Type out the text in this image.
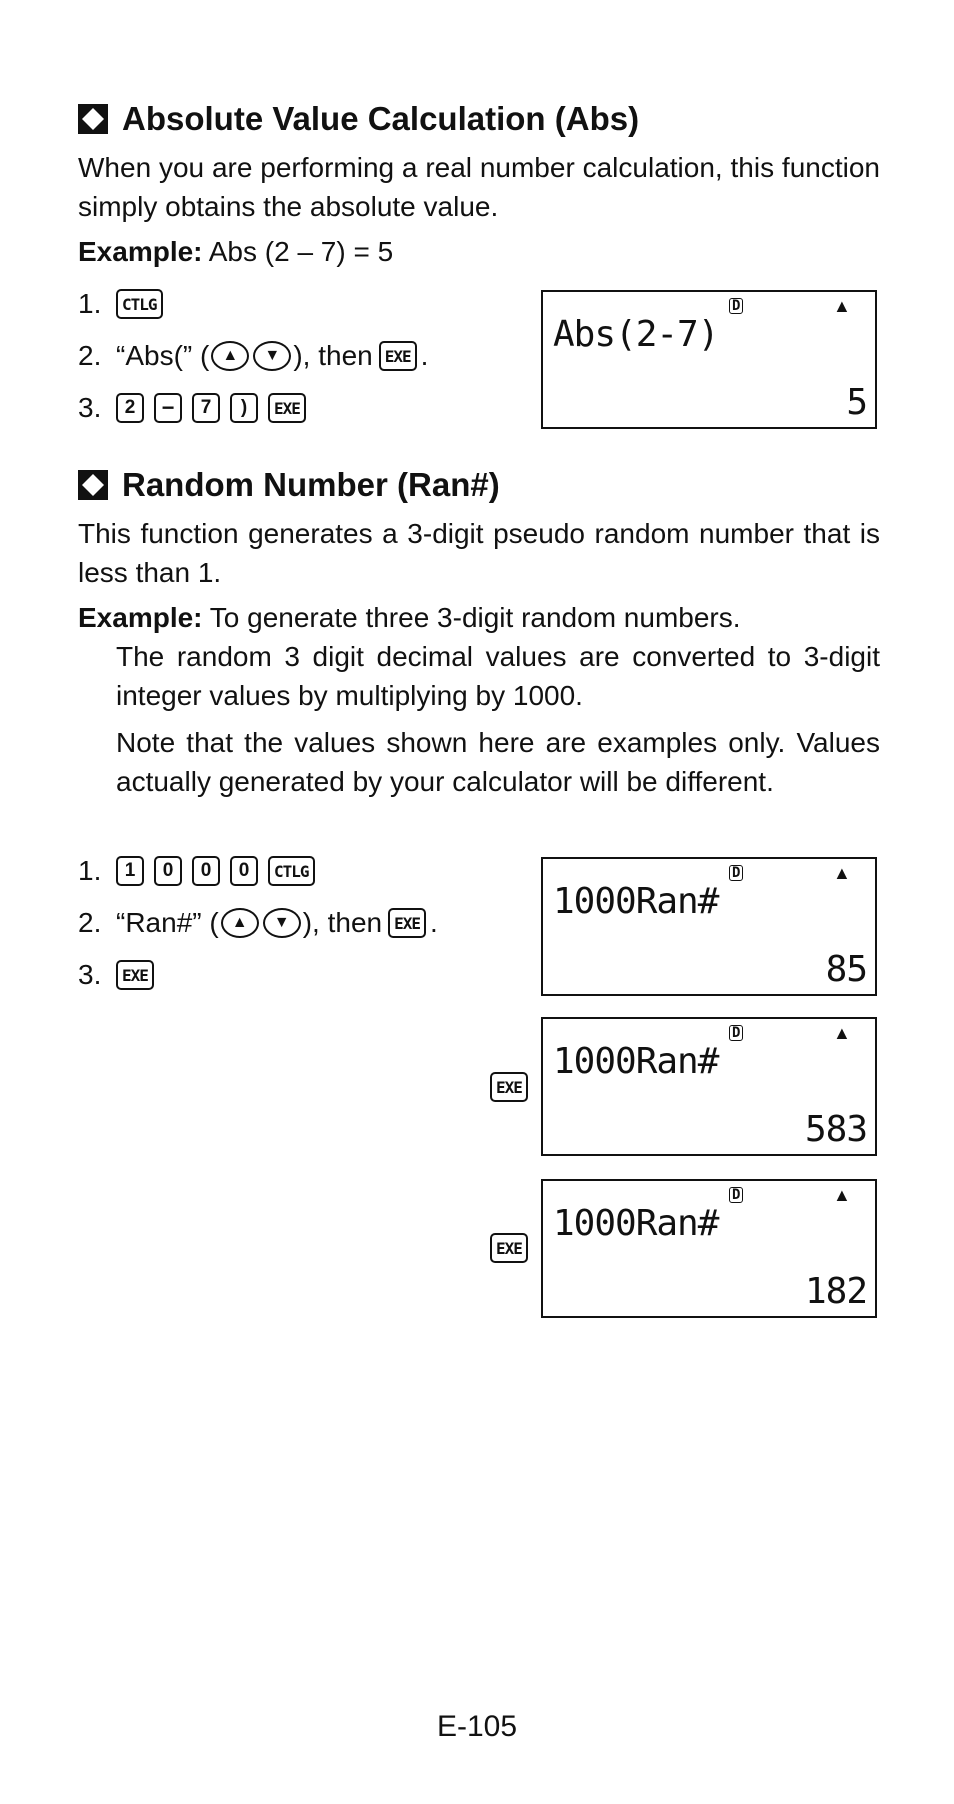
Absolute Value Calculation (Abs)
When you are performing a real number calculation, this function simply obtains the absolute value.
Example: Abs (2 – 7) = 5
1.	CTLG
2. “Abs(” ( ▲	▼ ), then EXE .
3.	2	−	7	)	EXE
D	▲
Abs(2-7)
5
Random Number (Ran#)
This function generates a 3-digit pseudo random number that is less than 1.
Example: To generate three 3-digit random numbers.
The random 3 digit decimal values are converted to 3-digit integer values by multiplying by 1000.
Note that the values shown here are examples only. Values actually generated by your calculator will be different.
1.	1	0	0	0	CTLG
2. “Ran#” ( ▲	▼ ), then EXE .
3.	EXE
D	▲
1000Ran#
85
EXE
D	▲
1000Ran#
583
EXE
D	▲
1000Ran#
182
E-105
